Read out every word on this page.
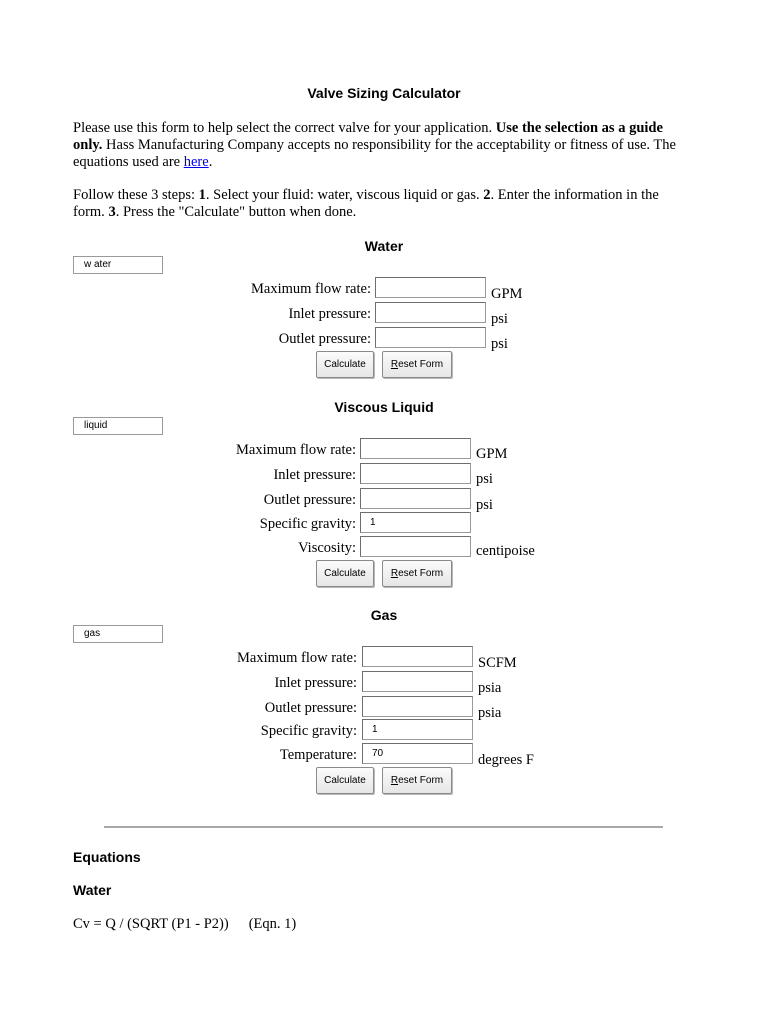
Valve Sizing Calculator

Please use this form to help select the correct valve for your application. Use the selection as a guide only. Hass Manufacturing Company accepts no responsibility for the acceptability or fitness of use. The equations used are here.

Follow these 3 steps: 1. Select your fluid: water, viscous liquid or gas. 2. Enter the information in the form. 3. Press the "Calculate" button when done.

Water
w ater
Maximum flow rate:	GPM
Inlet pressure:	psi
Outlet pressure:	psi
Calculate	Reset Form
Viscous Liquid
liquid
Maximum flow rate:	GPM
Inlet pressure:	psi
Outlet pressure:	psi
Specific gravity:	1
Viscosity:	centipoise
Calculate	Reset Form
Gas
gas
Maximum flow rate:	SCFM
Inlet pressure:	psia
Outlet pressure:	psia
Specific gravity:	1
Temperature:	70	degrees F
Calculate	Reset Form
Equations
Water
Cv = Q / (SQRT (P1 - P2)) (Eqn. 1)
